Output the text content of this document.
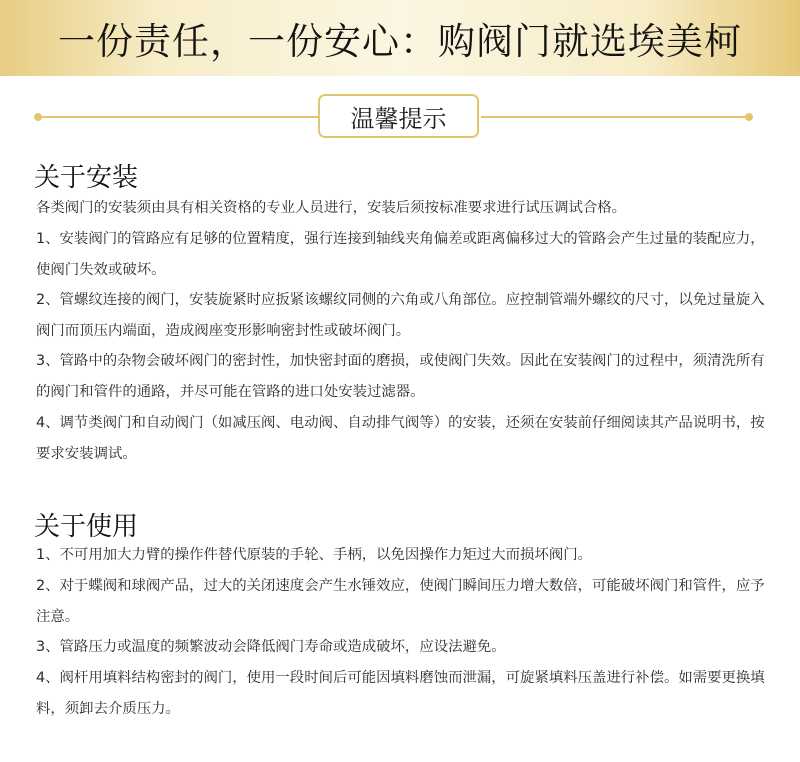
一份责任，一份安心：购阀门就选埃美柯
温馨提示
关于安装
各类阀门的安装须由具有相关资格的专业人员进行，安装后须按标准要求进行试压调试合格。
1、安装阀门的管路应有足够的位置精度，强行连接到轴线夹角偏差或距离偏移过大的管路会产生过量的装配应力，使阀门失效或破坏。
2、管螺纹连接的阀门，安装旋紧时应扳紧该螺纹同侧的六角或八角部位。应控制管端外螺纹的尺寸，以免过量旋入阀门而顶压内端面，造成阀座变形影响密封性或破坏阀门。
3、管路中的杂物会破坏阀门的密封性，加快密封面的磨损，或使阀门失效。因此在安装阀门的过程中，须清洗所有的阀门和管件的通路，并尽可能在管路的进口处安装过滤器。
4、调节类阀门和自动阀门（如减压阀、电动阀、自动排气阀等）的安装，还须在安装前仔细阅读其产品说明书，按要求安装调试。
关于使用
1、不可用加大力臂的操作件替代原装的手轮、手柄，以免因操作力矩过大而损坏阀门。
2、对于蝶阀和球阀产品，过大的关闭速度会产生水锤效应，使阀门瞬间压力增大数倍，可能破坏阀门和管件，应予注意。
3、管路压力或温度的频繁波动会降低阀门寿命或造成破坏，应设法避免。
4、阀杆用填料结构密封的阀门，使用一段时间后可能因填料磨蚀而泄漏，可旋紧填料压盖进行补偿。如需要更换填料，须卸去介质压力。
